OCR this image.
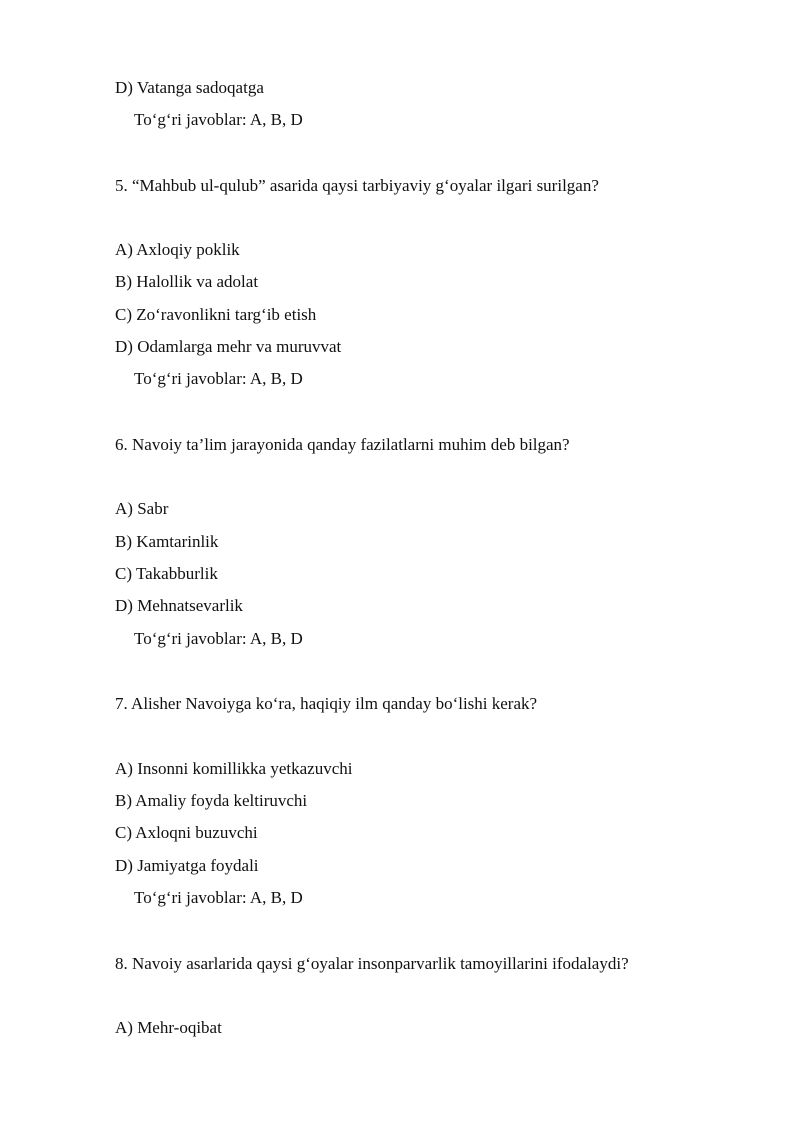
D) Vatanga sadoqatga
To‘g‘ri javoblar: A, B, D
5. “Mahbub ul-qulub” asarida qaysi tarbiyaviy g‘oyalar ilgari surilgan?
A) Axloqiy poklik
B) Halollik va adolat
C) Zo‘ravonlikni targ‘ib etish
D) Odamlarga mehr va muruvvat
To‘g‘ri javoblar: A, B, D
6. Navoiy ta’lim jarayonida qanday fazilatlarni muhim deb bilgan?
A) Sabr
B) Kamtarinlik
C) Takabburlik
D) Mehnatsevarlik
To‘g‘ri javoblar: A, B, D
7. Alisher Navoiyga ko‘ra, haqiqiy ilm qanday bo‘lishi kerak?
A) Insonni komillikka yetkazuvchi
B) Amaliy foyda keltiruvchi
C) Axloqni buzuvchi
D) Jamiyatga foydali
To‘g‘ri javoblar: A, B, D
8. Navoiy asarlarida qaysi g‘oyalar insonparvarlik tamoyillarini ifodalaydi?
A) Mehr-oqibat
